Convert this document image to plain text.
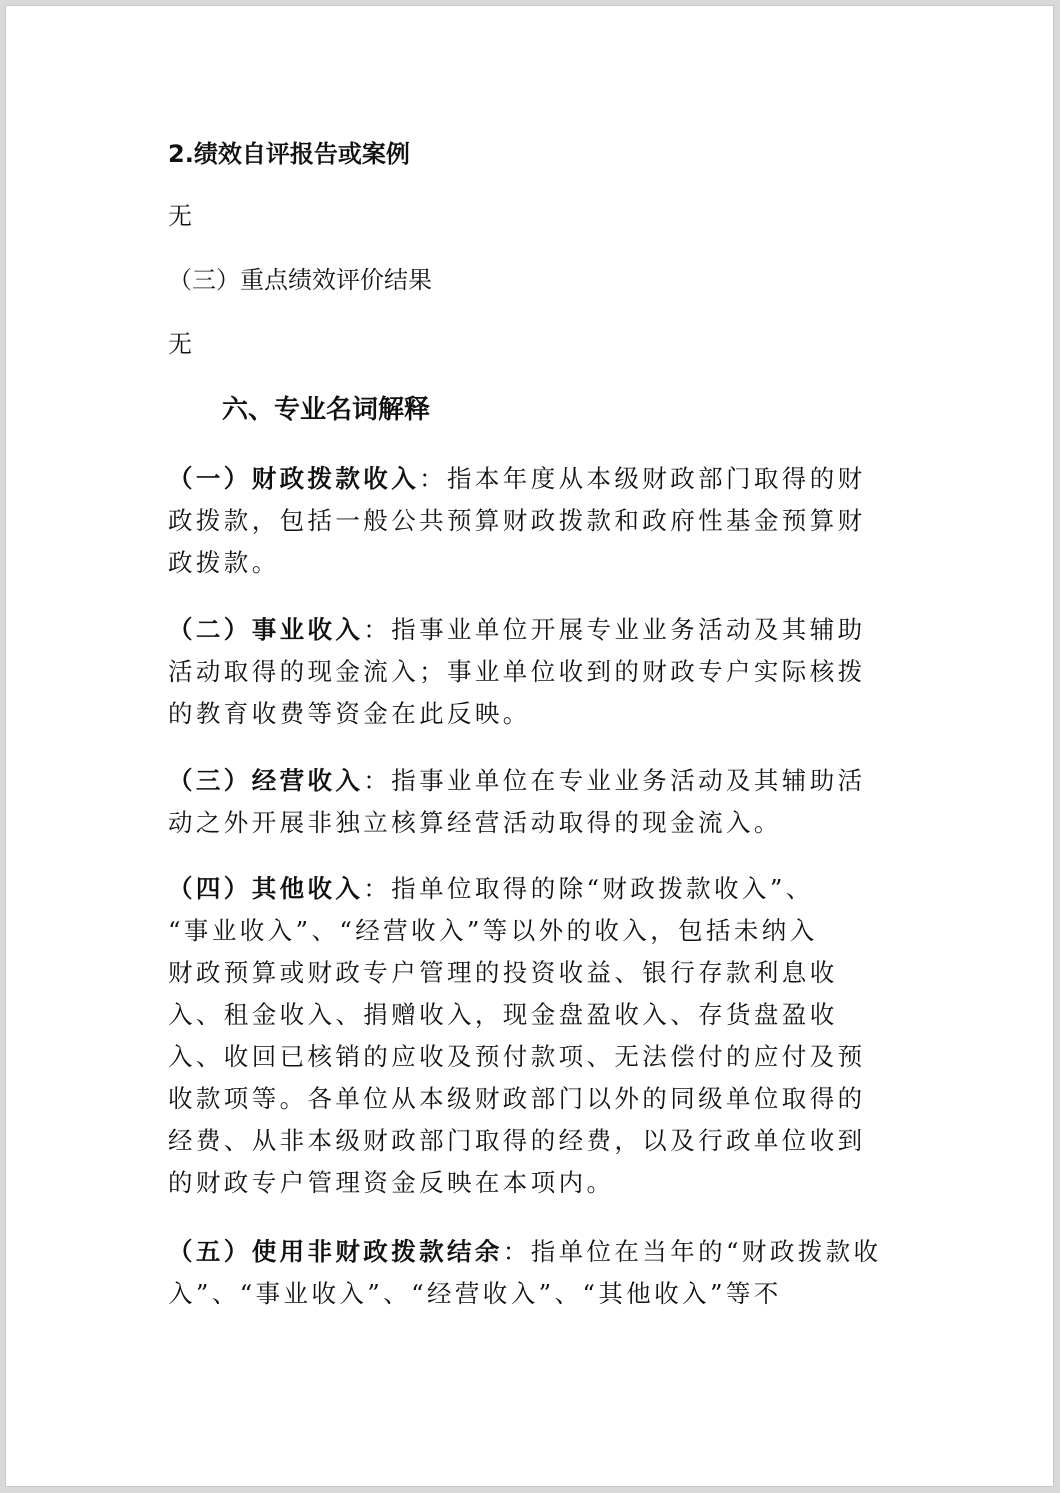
2.绩效自评报告或案例

无

（三）重点绩效评价结果

无

六、专业名词解释

（一）财政拨款收入：指本年度从本级财政部门取得的财
政拨款，包括一般公共预算财政拨款和政府性基金预算财
政拨款。
（二）事业收入：指事业单位开展专业业务活动及其辅助
活动取得的现金流入；事业单位收到的财政专户实际核拨
的教育收费等资金在此反映。
（三）经营收入：指事业单位在专业业务活动及其辅助活
动之外开展非独立核算经营活动取得的现金流入。
（四）其他收入：指单位取得的除“财政拨款收入”、
“事业收入”、“经营收入”等以外的收入，包括未纳入
财政预算或财政专户管理的投资收益、银行存款利息收
入、租金收入、捐赠收入，现金盘盈收入、存货盘盈收
入、收回已核销的应收及预付款项、无法偿付的应付及预
收款项等。各单位从本级财政部门以外的同级单位取得的
经费、从非本级财政部门取得的经费，以及行政单位收到
的财政专户管理资金反映在本项内。
（五）使用非财政拨款结余：指单位在当年的“财政拨款收
入”、“事业收入”、“经营收入”、“其他收入”等不
